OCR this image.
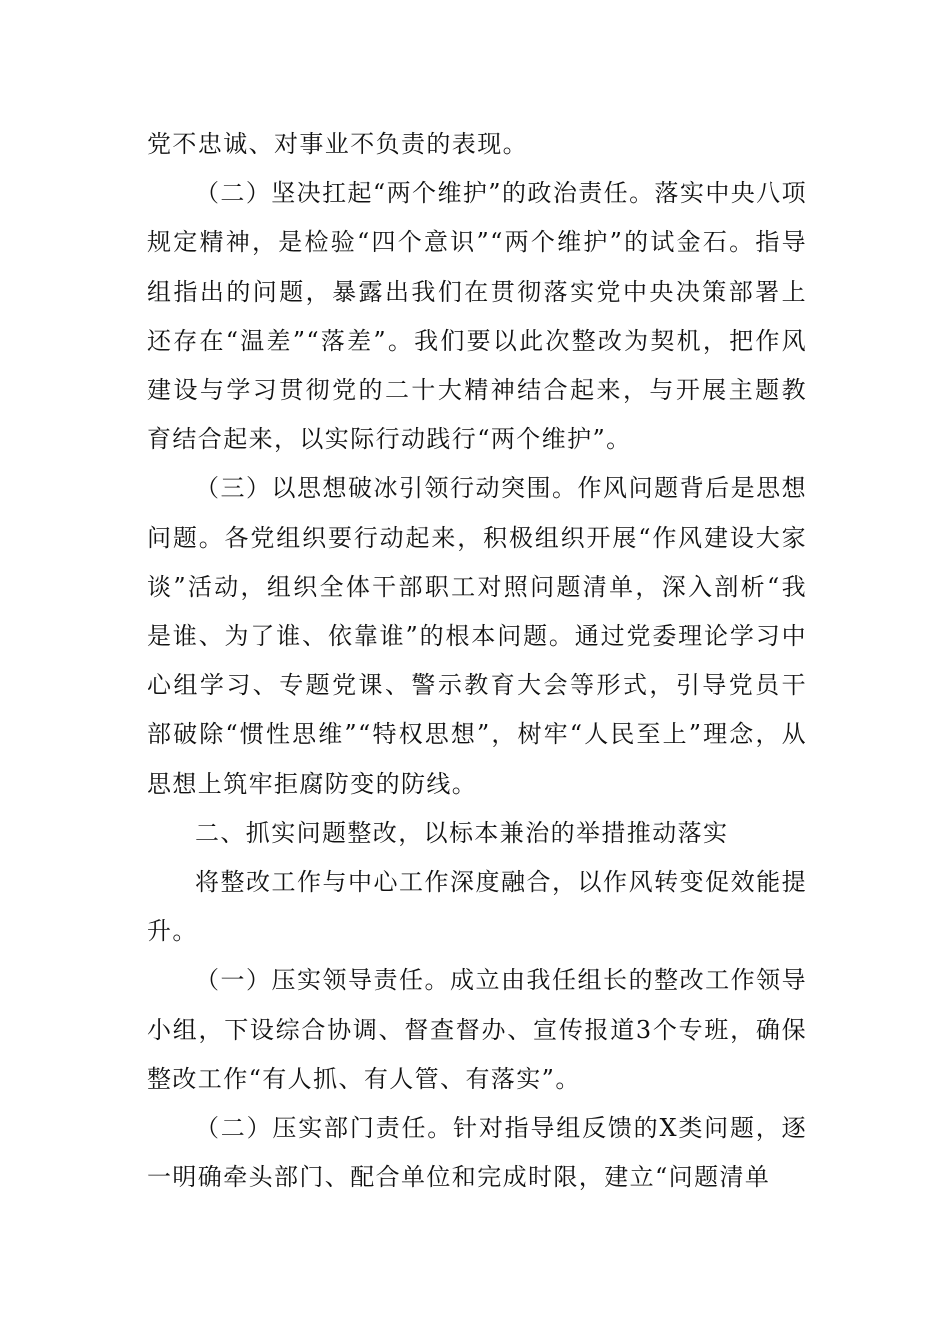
党不忠诚、对事业不负责的表现。

（二）坚决扛起“两个维护”的政治责任。落实中央八项规定精神，是检验“四个意识”“两个维护”的试金石。指导组指出的问题，暴露出我们在贯彻落实党中央决策部署上还存在“温差”“落差”。我们要以此次整改为契机，把作风建设与学习贯彻党的二十大精神结合起来，与开展主题教育结合起来，以实际行动践行“两个维护”。

（三）以思想破冰引领行动突围。作风问题背后是思想问题。各党组织要行动起来，积极组织开展“作风建设大家谈”活动，组织全体干部职工对照问题清单，深入剖析“我是谁、为了谁、依靠谁”的根本问题。通过党委理论学习中心组学习、专题党课、警示教育大会等形式，引导党员干部破除“惯性思维”“特权思想”，树牢“人民至上”理念，从思想上筑牢拒腐防变的防线。

二、抓实问题整改，以标本兼治的举措推动落实

将整改工作与中心工作深度融合，以作风转变促效能提升。

（一）压实领导责任。成立由我任组长的整改工作领导小组，下设综合协调、督查督办、宣传报道3个专班，确保整改工作“有人抓、有人管、有落实”。

（二）压实部门责任。针对指导组反馈的X类问题，逐一明确牵头部门、配合单位和完成时限，建立“问题清单
